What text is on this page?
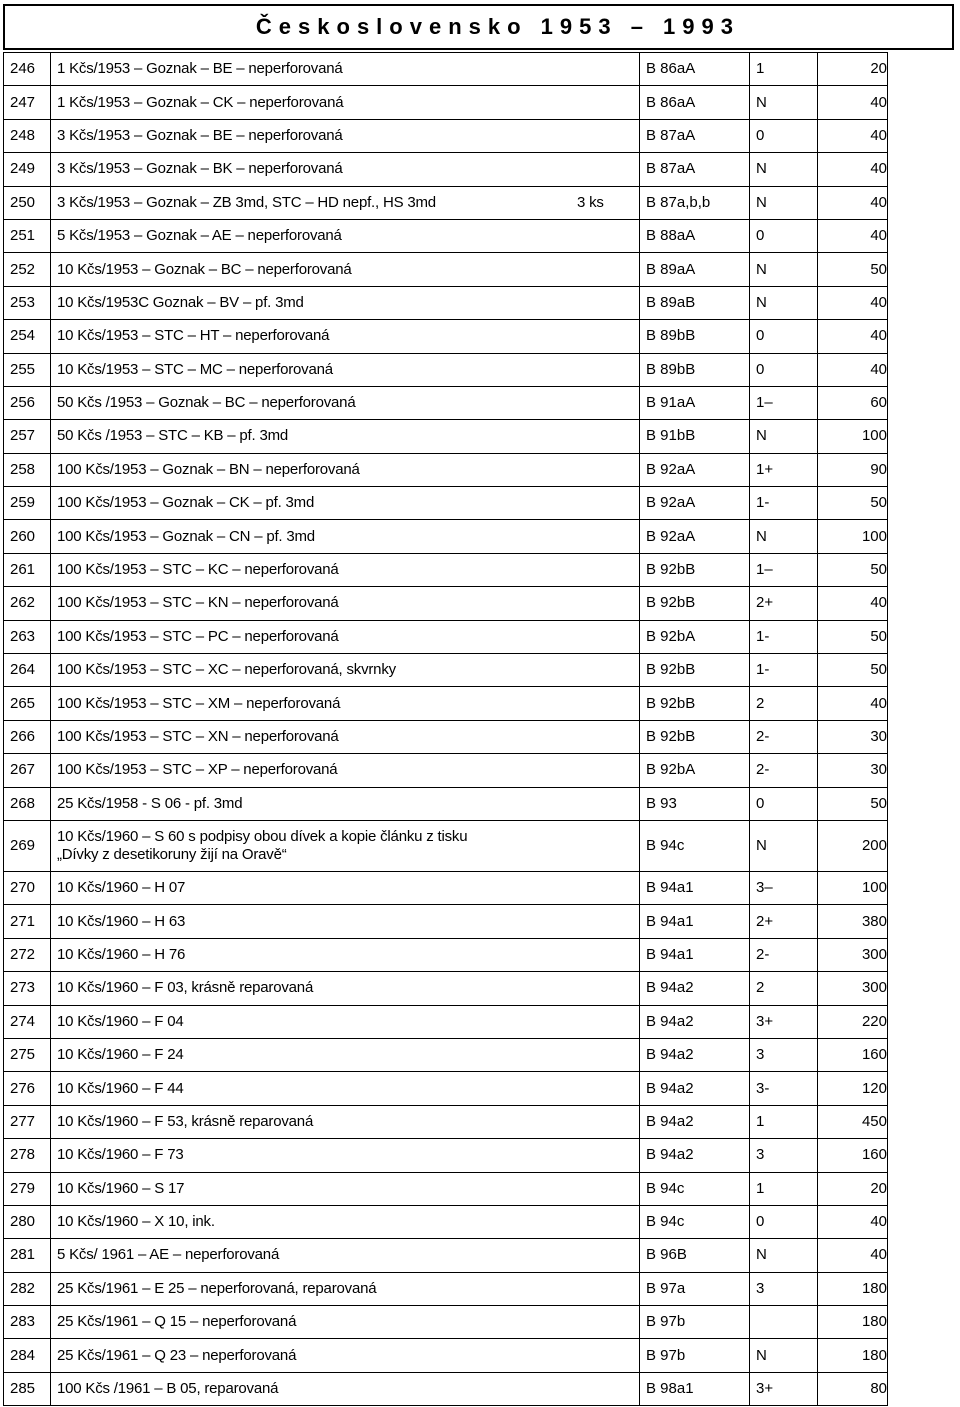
Československo 1953 – 1993
246	1 Kčs/1953 – Goznak – BE – neperforovaná	B 86aA	1	20
247	1 Kčs/1953 – Goznak – CK – neperforovaná	B 86aA	N	40
248	3 Kčs/1953 – Goznak – BE – neperforovaná	B 87aA	0	40
249	3 Kčs/1953 – Goznak – BK – neperforovaná	B 87aA	N	40
250	3 Kčs/1953 – Goznak – ZB 3md, STC – HD nepf., HS 3md 3 ks	B 87a,b,b	N	40
251	5 Kčs/1953 – Goznak – AE – neperforovaná	B 88aA	0	40
252	10 Kčs/1953 – Goznak – BC – neperforovaná	B 89aA	N	50
253	10 Kčs/1953C Goznak – BV – pf. 3md	B 89aB	N	40
254	10 Kčs/1953 – STC – HT – neperforovaná	B 89bB	0	40
255	10 Kčs/1953 – STC – MC – neperforovaná	B 89bB	0	40
256	50 Kčs /1953 – Goznak – BC – neperforovaná	B 91aA	1–	60
257	50 Kčs /1953 – STC – KB – pf. 3md	B 91bB	N	100
258	100 Kčs/1953 – Goznak – BN – neperforovaná	B 92aA	1+	90
259	100 Kčs/1953 – Goznak – CK – pf. 3md	B 92aA	1-	50
260	100 Kčs/1953 – Goznak – CN – pf. 3md	B 92aA	N	100
261	100 Kčs/1953 – STC – KC – neperforovaná	B 92bB	1–	50
262	100 Kčs/1953 – STC – KN – neperforovaná	B 92bB	2+	40
263	100 Kčs/1953 – STC – PC – neperforovaná	B 92bA	1-	50
264	100 Kčs/1953 – STC – XC – neperforovaná, skvrnky	B 92bB	1-	50
265	100 Kčs/1953 – STC – XM – neperforovaná	B 92bB	2	40
266	100 Kčs/1953 – STC – XN – neperforovaná	B 92bB	2-	30
267	100 Kčs/1953 – STC – XP – neperforovaná	B 92bA	2-	30
268	25 Kčs/1958 - S 06 - pf. 3md	B 93	0	50
269	10 Kčs/1960 – S 60 s podpisy obou dívek a kopie článku z tisku
„Dívky z desetikoruny žijí na Oravě“	B 94c	N	200
270	10 Kčs/1960 – H 07	B 94a1	3–	100
271	10 Kčs/1960 – H 63	B 94a1	2+	380
272	10 Kčs/1960 – H 76	B 94a1	2-	300
273	10 Kčs/1960 – F 03, krásně reparovaná	B 94a2	2	300
274	10 Kčs/1960 – F 04	B 94a2	3+	220
275	10 Kčs/1960 – F 24	B 94a2	3	160
276	10 Kčs/1960 – F 44	B 94a2	3-	120
277	10 Kčs/1960 – F 53, krásně reparovaná	B 94a2	1	450
278	10 Kčs/1960 – F 73	B 94a2	3	160
279	10 Kčs/1960 – S 17	B 94c	1	20
280	10 Kčs/1960 – X 10, ink.	B 94c	0	40
281	5 Kčs/ 1961 – AE – neperforovaná	B 96B	N	40
282	25 Kčs/1961 – E 25 – neperforovaná, reparovaná	B 97a	3	180
283	25 Kčs/1961 – Q 15 – neperforovaná	B 97b		180
284	25 Kčs/1961 – Q 23 – neperforovaná	B 97b	N	180
285	100 Kčs /1961 – B 05, reparovaná	B 98a1	3+	80
